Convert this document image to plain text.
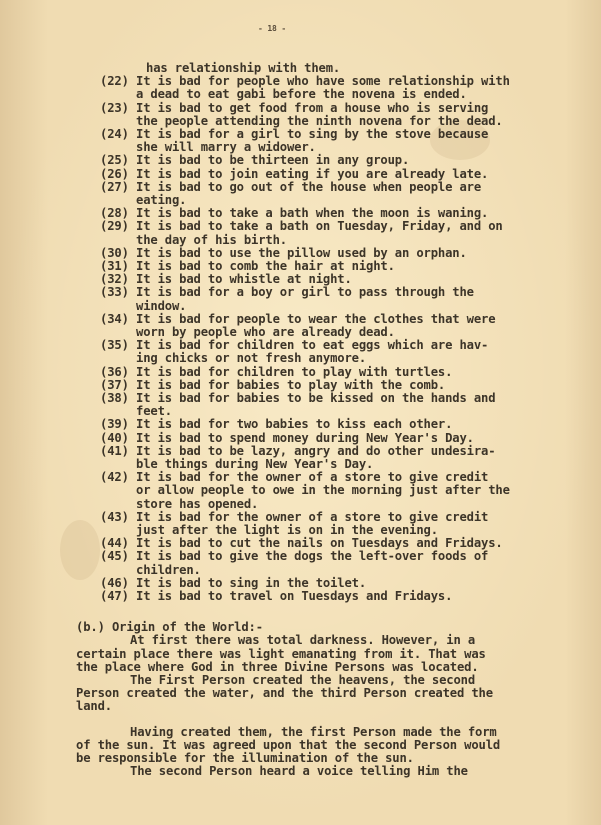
- 18 -
has relationship with them.
(22) It is bad for people who have some relationship with
a dead to eat gabi before the novena is ended.
(23) It is bad to get food from a house who is serving
the people attending the ninth novena for the dead.
(24) It is bad for a girl to sing by the stove because
she will marry a widower.
(25) It is bad to be thirteen in any group.
(26) It is bad to join eating if you are already late.
(27) It is bad to go out of the house when people are
eating.
(28) It is bad to take a bath when the moon is waning.
(29) It is bad to take a bath on Tuesday, Friday, and on
the day of his birth.
(30) It is bad to use the pillow used by an orphan.
(31) It is bad to comb the hair at night.
(32) It is bad to whistle at night.
(33) It is bad for a boy or girl to pass through the
window.
(34) It is bad for people to wear the clothes that were
worn by people who are already dead.
(35) It is bad for children to eat eggs which are hav-
ing chicks or not fresh anymore.
(36) It is bad for children to play with turtles.
(37) It is bad for babies to play with the comb.
(38) It is bad for babies to be kissed on the hands and
feet.
(39) It is bad for two babies to kiss each other.
(40) It is bad to spend money during New Year's Day.
(41) It is bad to be lazy, angry and do other undesira-
ble things during New Year's Day.
(42) It is bad for the owner of a store to give credit
or allow people to owe in the morning just after the
store has opened.
(43) It is bad for the owner of a store to give credit
just after the light is on in the evening.
(44) It is bad to cut the nails on Tuesdays and Fridays.
(45) It is bad to give the dogs the left-over foods of
children.
(46) It is bad to sing in the toilet.
(47) It is bad to travel on Tuesdays and Fridays.
(b.) Origin of the World:-
At first there was total darkness. However, in a
certain place there was light emanating from it. That was
the place where God in three Divine Persons was located.
The First Person created the heavens, the second
Person created the water, and the third Person created the
land.
Having created them, the first Person made the form
of the sun. It was agreed upon that the second Person would
be responsible for the illumination of the sun.
The second Person heard a voice telling Him the
